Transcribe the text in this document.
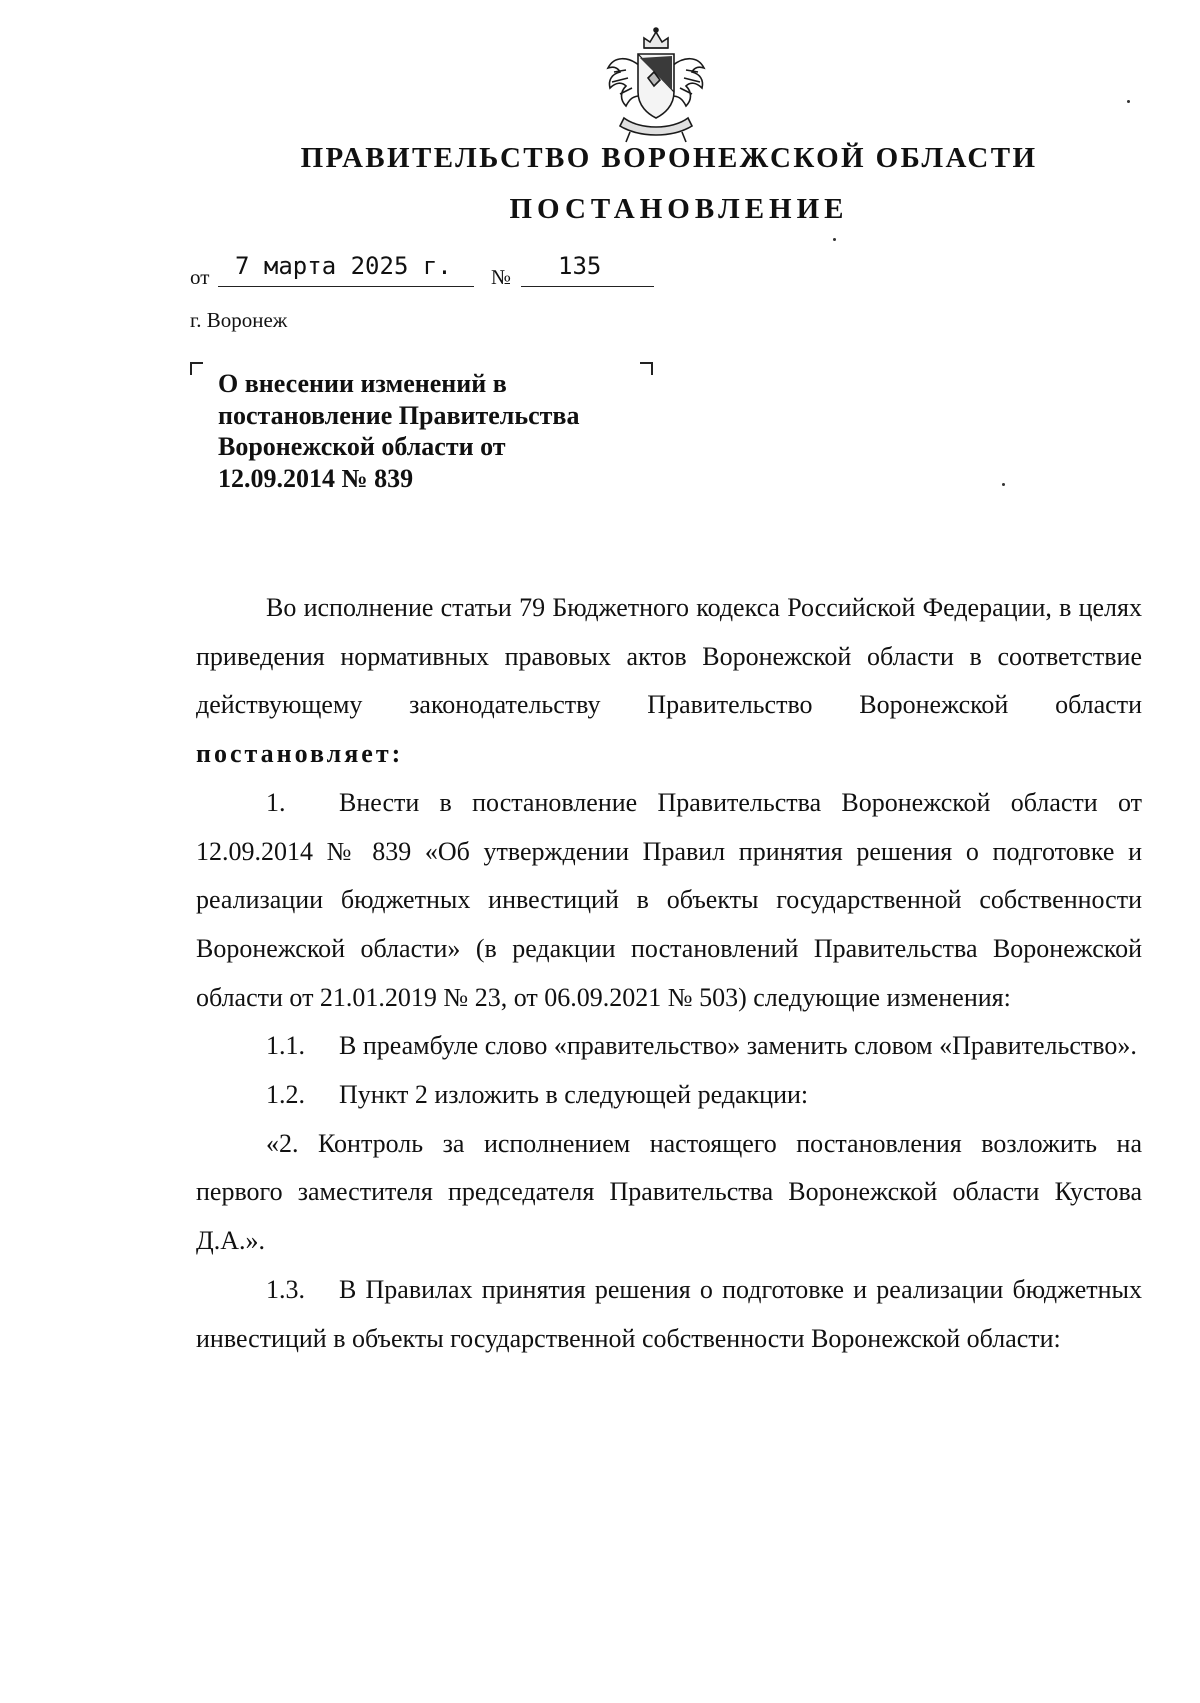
ПРАВИТЕЛЬСТВО ВОРОНЕЖСКОЙ ОБЛАСТИ
ПОСТАНОВЛЕНИЕ
от 7 марта 2025 г. № 135
г. Воронеж
О внесении изменений в
постановление Правительства
Воронежской области от
12.09.2014 № 839

Во исполнение статьи 79 Бюджетного кодекса Российской Федерации, в целях приведения нормативных правовых актов Воронежской области в соответствие действующему законодательству Правительство Воронежской области постановляет:

1. Внести в постановление Правительства Воронежской области от 12.09.2014 № 839 «Об утверждении Правил принятия решения о подготовке и реализации бюджетных инвестиций в объекты государственной собственности Воронежской области» (в редакции постановлений Правительства Воронежской области от 21.01.2019 № 23, от 06.09.2021 № 503) следующие изменения:

1.1. В преамбуле слово «правительство» заменить словом «Правительство».

1.2. Пункт 2 изложить в следующей редакции:

«2. Контроль за исполнением настоящего постановления возложить на первого заместителя председателя Правительства Воронежской области Кустова Д.А.».

1.3. В Правилах принятия решения о подготовке и реализации бюджетных инвестиций в объекты государственной собственности Воронежской области:
